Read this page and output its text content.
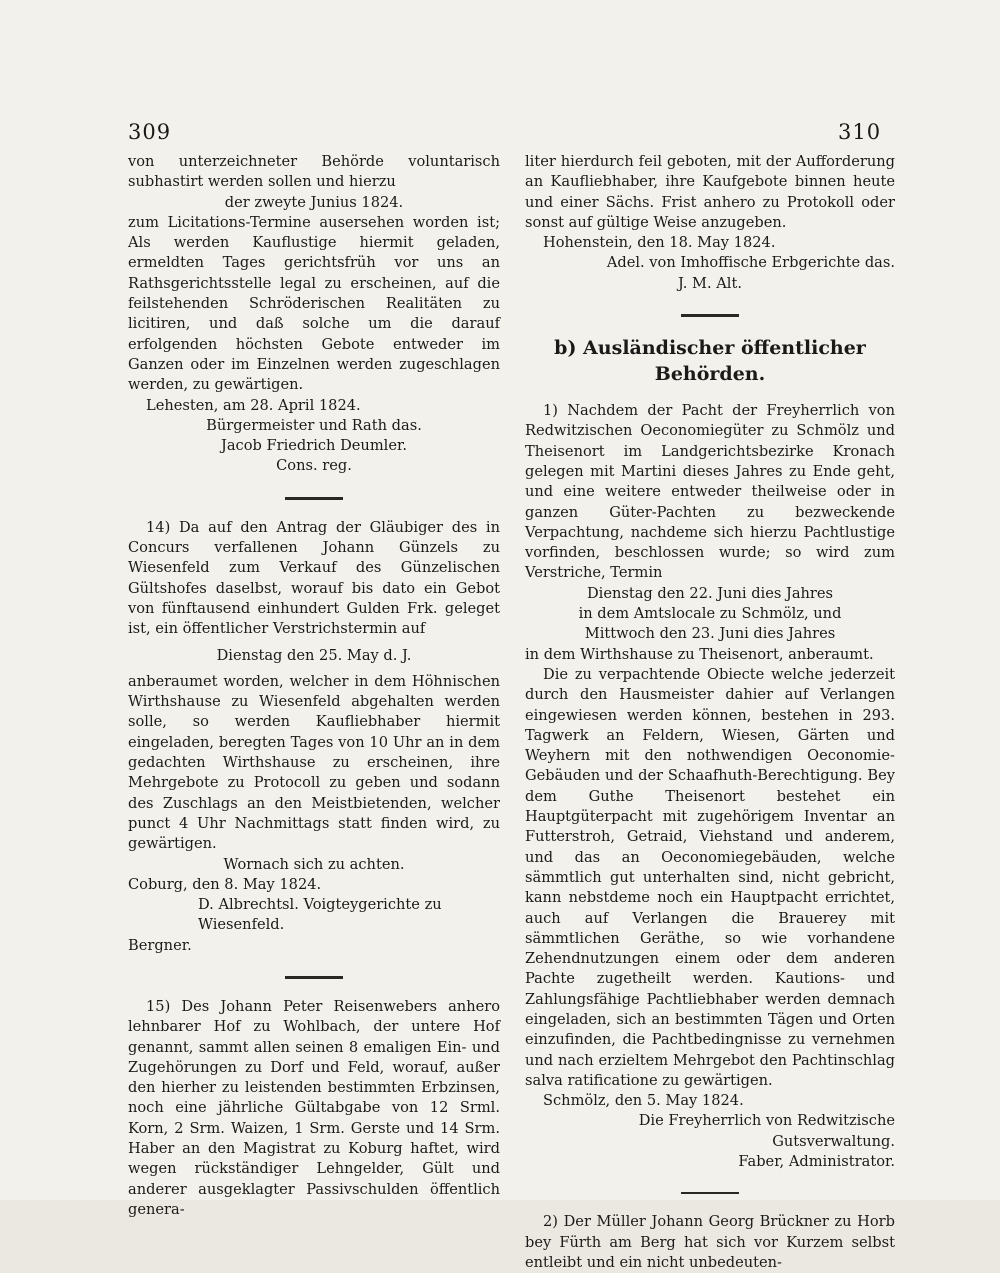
309	310

von unterzeichneter Behörde voluntarisch subhastirt werden sollen und hierzu

der zweyte Junius 1824.

zum Licitations-Termine ausersehen worden ist; Als werden Kauflustige hiermit geladen, ermeldten Tages gerichtsfrüh vor uns an Rathsgerichtsstelle legal zu erscheinen, auf die feilstehenden Schröderischen Realitäten zu licitiren, und daß solche um die darauf erfolgenden höchsten Gebote entweder im Ganzen oder im Einzelnen werden zugeschlagen werden, zu gewärtigen.

Lehesten, am 28. April 1824.

Bürgermeister und Rath das.

Jacob Friedrich Deumler.

Cons. reg.

14) Da auf den Antrag der Gläubiger des in Concurs verfallenen Johann Günzels zu Wiesenfeld zum Verkauf des Günzelischen Gültshofes daselbst, worauf bis dato ein Gebot von fünftausend einhundert Gulden Frk. geleget ist, ein öffentlicher Verstrichstermin auf

Dienstag den 25. May d. J.

anberaumet worden, welcher in dem Höhnischen Wirthshause zu Wiesenfeld abgehalten werden solle, so werden Kaufliebhaber hiermit eingeladen, beregten Tages von 10 Uhr an in dem gedachten Wirthshause zu erscheinen, ihre Mehrgebote zu Protocoll zu geben und sodann des Zuschlags an den Meistbietenden, welcher punct 4 Uhr Nachmittags statt finden wird, zu gewärtigen.

Wornach sich zu achten.

Coburg, den 8. May 1824.

D. Albrechtsl. Voigteygerichte zu Wiesenfeld.

Bergner.

15) Des Johann Peter Reisenwebers anhero lehnbarer Hof zu Wohlbach, der untere Hof genannt, sammt allen seinen 8 emaligen Ein- und Zugehörungen zu Dorf und Feld, worauf, außer den hierher zu leistenden bestimmten Erbzinsen, noch eine jährliche Gültabgabe von 12 Srml. Korn, 2 Srm. Waizen, 1 Srm. Gerste und 14 Srm. Haber an den Magistrat zu Koburg haftet, wird wegen rückständiger Lehngelder, Gült und anderer ausgeklagter Passivschulden öffentlich genera-

liter hierdurch feil geboten, mit der Aufforderung an Kaufliebhaber, ihre Kaufgebote binnen heute und einer Sächs. Frist anhero zu Protokoll oder sonst auf gültige Weise anzugeben.

Hohenstein, den 18. May 1824.

Adel. von Imhoffische Erbgerichte das.

J. M. Alt.

b) Ausländischer öffentlicher Behörden.

1) Nachdem der Pacht der Freyherrlich von Redwitzischen Oeconomiegüter zu Schmölz und Theisenort im Landgerichtsbezirke Kronach gelegen mit Martini dieses Jahres zu Ende geht, und eine weitere entweder theilweise oder in ganzen Güter-Pachten zu bezweckende Verpachtung, nachdeme sich hierzu Pachtlustige vorfinden, beschlossen wurde; so wird zum Verstriche, Termin

Dienstag den 22. Juni dies Jahres

in dem Amtslocale zu Schmölz, und

Mittwoch den 23. Juni dies Jahres

in dem Wirthshause zu Theisenort, anberaumt.

Die zu verpachtende Obiecte welche jederzeit durch den Hausmeister dahier auf Verlangen eingewiesen werden können, bestehen in 293. Tagwerk an Feldern, Wiesen, Gärten und Weyhern mit den nothwendigen Oeconomie-Gebäuden und der Schaafhuth-Berechtigung. Bey dem Guthe Theisenort bestehet ein Hauptgüterpacht mit zugehörigem Inventar an Futterstroh, Getraid, Viehstand und anderem, und das an Oeconomiegebäuden, welche sämmtlich gut unterhalten sind, nicht gebricht, kann nebstdeme noch ein Hauptpacht errichtet, auch auf Verlangen die Brauerey mit sämmtlichen Geräthe, so wie vorhandene Zehendnutzungen einem oder dem anderen Pachte zugetheilt werden. Kautions- und Zahlungsfähige Pachtliebhaber werden demnach eingeladen, sich an bestimmten Tägen und Orten einzufinden, die Pachtbedingnisse zu vernehmen und nach erzieltem Mehrgebot den Pachtinschlag salva ratificatione zu gewärtigen.

Schmölz, den 5. May 1824.

Die Freyherrlich von Redwitzische Gutsverwaltung.

Faber, Administrator.

2) Der Müller Johann Georg Brückner zu Horb bey Fürth am Berg hat sich vor Kurzem selbst entleibt und ein nicht unbedeuten-
